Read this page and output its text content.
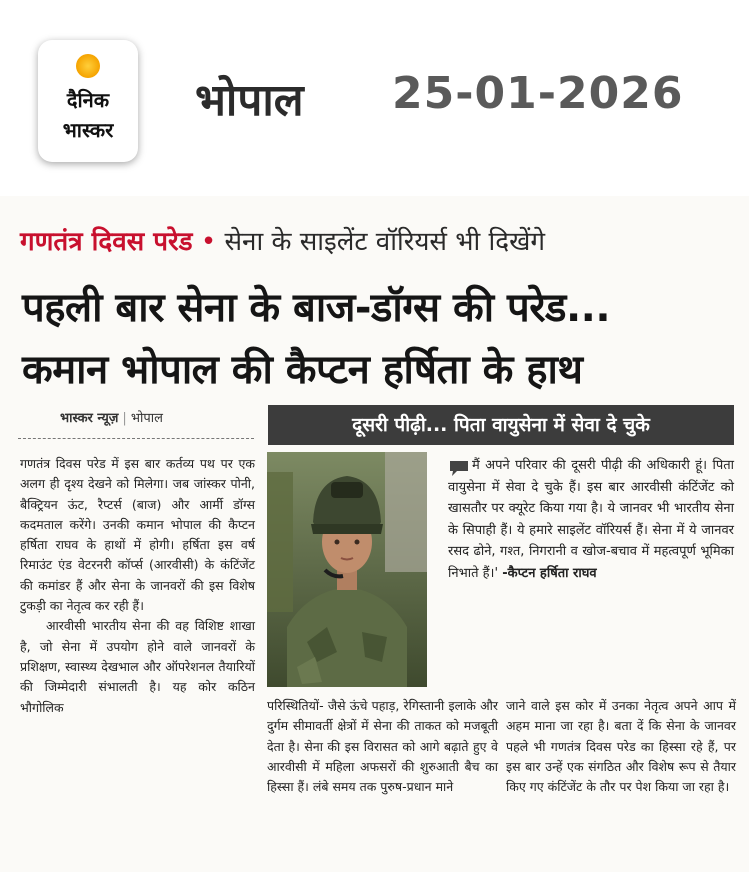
दैनिक
भास्कर
भोपाल 25-01-2026
गणतंत्र दिवस परेड • सेना के साइलेंट वॉरियर्स भी दिखेंगे
पहली बार सेना के बाज-डॉग्स की परेड...
कमान भोपाल की कैप्टन हर्षिता के हाथ
भास्कर न्यूज़ | भोपाल	दूसरी पीढ़ी... पिता वायुसेना में सेवा दे चुके

गणतंत्र दिवस परेड में इस बार कर्तव्य पथ पर एक अलग ही दृश्य देखने को मिलेगा। जब जांस्कर पोनी, बैक्ट्रियन ऊंट, रैप्टर्स (बाज) और आर्मी डॉग्स कदमताल करेंगे। उनकी कमान भोपाल की कैप्टन हर्षिता राघव के हाथों में होगी। हर्षिता इस वर्ष रिमाउंट एंड वेटरनरी कॉर्प्स (आरवीसी) के कंटिंजेंट की कमांडर हैं और सेना के जानवरों की इस विशेष टुकड़ी का नेतृत्व कर रही हैं।

आरवीसी भारतीय सेना की वह विशिष्ट शाखा है, जो सेना में उपयोग होने वाले जानवरों के प्रशिक्षण, स्वास्थ्य देखभाल और ऑपरेशनल तैयारियों की जिम्मेदारी संभालती है। यह कोर कठिन भौगोलिक

मैं अपने परिवार की दूसरी पीढ़ी की अधिकारी हूं। पिता वायुसेना में सेवा दे चुके हैं। इस बार आरवीसी कंटिंजेंट को खासतौर पर क्यूरेट किया गया है। ये जानवर भी भारतीय सेना के सिपाही हैं। ये हमारे साइलेंट वॉरियर्स हैं। सेना में ये जानवर रसद ढोने, गश्त, निगरानी व खोज-बचाव में महत्वपूर्ण भूमिका निभाते हैं।' -कैप्टन हर्षिता राघव

परिस्थितियों- जैसे ऊंचे पहाड़, रेगिस्तानी इलाके और दुर्गम सीमावर्ती क्षेत्रों में सेना की ताकत को मजबूती देता है। सेना की इस विरासत को आगे बढ़ाते हुए वे आरवीसी में महिला अफसरों की शुरुआती बैच का हिस्सा हैं। लंबे समय तक पुरुष-प्रधान माने

जाने वाले इस कोर में उनका नेतृत्व अपने आप में अहम माना जा रहा है। बता दें कि सेना के जानवर पहले भी गणतंत्र दिवस परेड का हिस्सा रहे हैं, पर इस बार उन्हें एक संगठित और विशेष रूप से तैयार किए गए कंटिंजेंट के तौर पर पेश किया जा रहा है।
